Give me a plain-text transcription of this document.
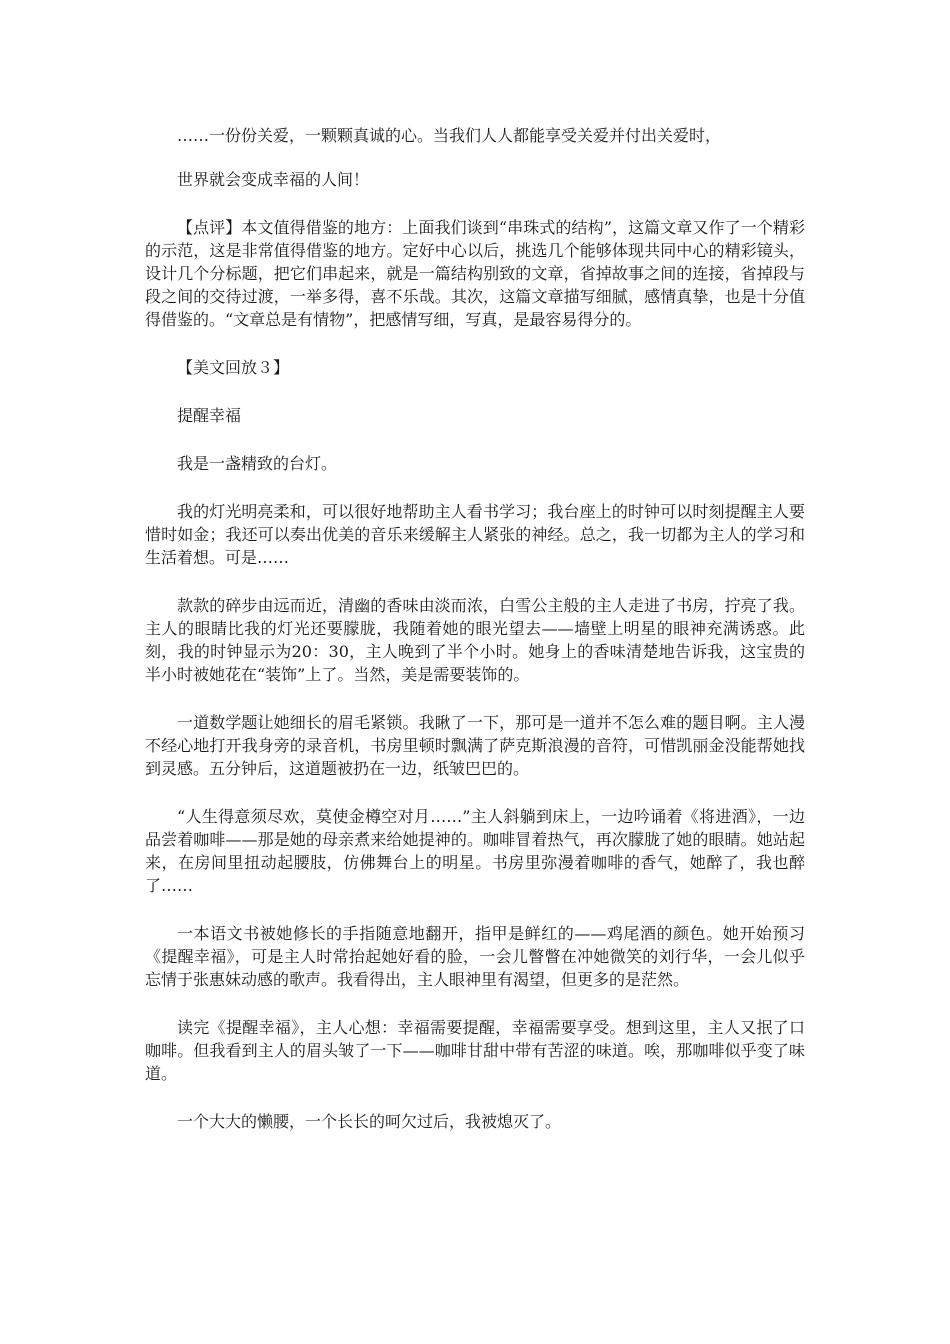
……一份份关爱，一颗颗真诚的心。当我们人人都能享受关爱并付出关爱时，

世界就会变成幸福的人间！

【点评】本文值得借鉴的地方：上面我们谈到“串珠式的结构”，这篇文章又作了一个精彩的示范，这是非常值得借鉴的地方。定好中心以后，挑选几个能够体现共同中心的精彩镜头，设计几个分标题，把它们串起来，就是一篇结构别致的文章，省掉故事之间的连接，省掉段与段之间的交待过渡，一举多得，喜不乐哉。其次，这篇文章描写细腻，感情真挚，也是十分值得借鉴的。“文章总是有情物”，把感情写细，写真，是最容易得分的。

【美文回放３】

提醒幸福

我是一盏精致的台灯。

我的灯光明亮柔和，可以很好地帮助主人看书学习；我台座上的时钟可以时刻提醒主人要惜时如金；我还可以奏出优美的音乐来缓解主人紧张的神经。总之，我一切都为主人的学习和生活着想。可是……

款款的碎步由远而近，清幽的香味由淡而浓，白雪公主般的主人走进了书房，拧亮了我。主人的眼睛比我的灯光还要朦胧，我随着她的眼光望去——墙壁上明星的眼神充满诱惑。此刻，我的时钟显示为20：30，主人晚到了半个小时。她身上的香味清楚地告诉我，这宝贵的半小时被她花在“装饰”上了。当然，美是需要装饰的。

一道数学题让她细长的眉毛紧锁。我瞅了一下，那可是一道并不怎么难的题目啊。主人漫不经心地打开我身旁的录音机，书房里顿时飘满了萨克斯浪漫的音符，可惜凯丽金没能帮她找到灵感。五分钟后，这道题被扔在一边，纸皱巴巴的。

“人生得意须尽欢，莫使金樽空对月……”主人斜躺到床上，一边吟诵着《将进酒》，一边品尝着咖啡——那是她的母亲煮来给她提神的。咖啡冒着热气，再次朦胧了她的眼睛。她站起来，在房间里扭动起腰肢，仿佛舞台上的明星。书房里弥漫着咖啡的香气，她醉了，我也醉了……

一本语文书被她修长的手指随意地翻开，指甲是鲜红的——鸡尾酒的颜色。她开始预习《提醒幸福》，可是主人时常抬起她好看的脸，一会儿瞥瞥在冲她微笑的刘行华，一会儿似乎忘情于张惠妹动感的歌声。我看得出，主人眼神里有渴望，但更多的是茫然。

读完《提醒幸福》，主人心想：幸福需要提醒，幸福需要享受。想到这里，主人又抿了口咖啡。但我看到主人的眉头皱了一下——咖啡甘甜中带有苦涩的味道。唉，那咖啡似乎变了味道。

一个大大的懒腰，一个长长的呵欠过后，我被熄灭了。
